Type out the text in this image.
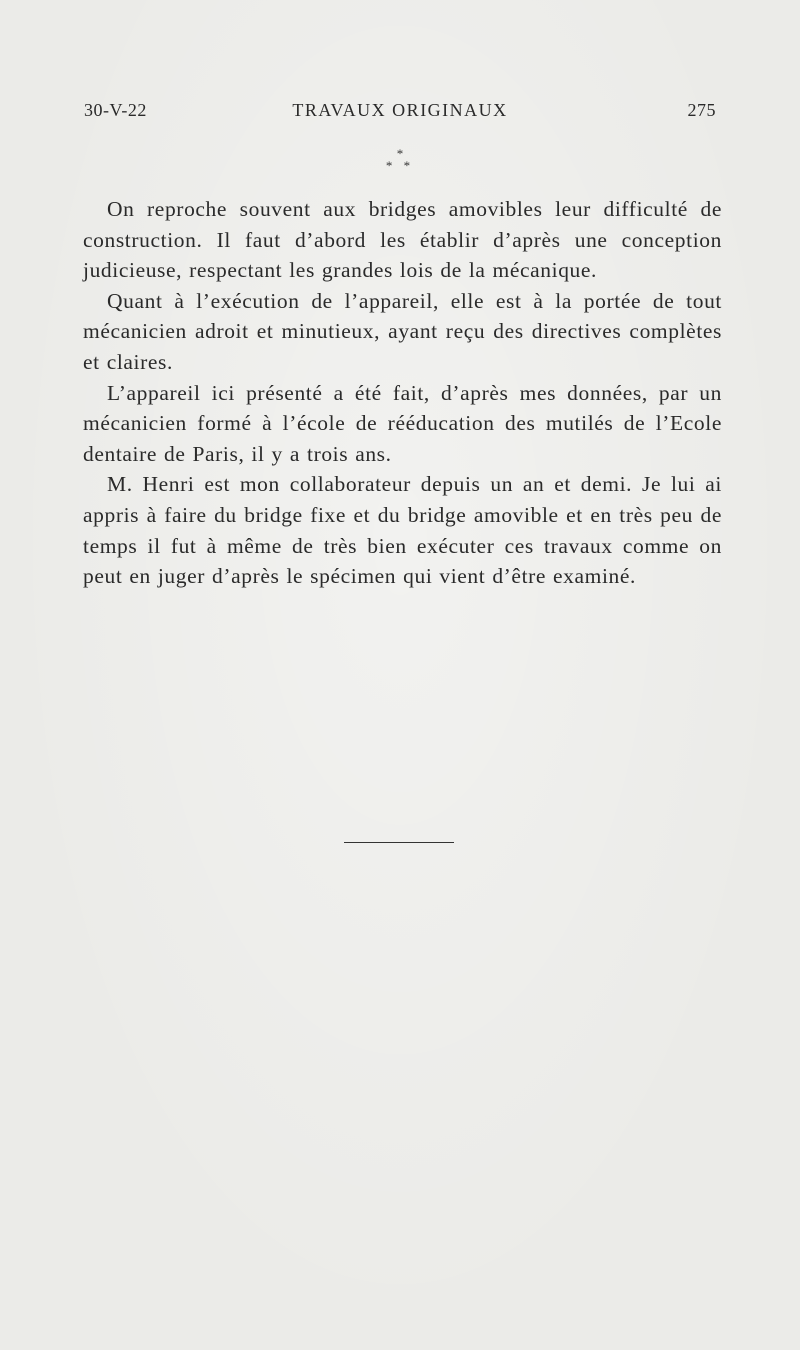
30-V-22	TRAVAUX ORIGINAUX	275
*
* *

On reproche souvent aux bridges amovibles leur difficulté de construction. Il faut d’abord les établir d’après une conception judicieuse, respectant les grandes lois de la mécanique.

Quant à l’exécution de l’appareil, elle est à la portée de tout mécanicien adroit et minutieux, ayant reçu des directives complètes et claires.

L’appareil ici présenté a été fait, d’après mes données, par un mécanicien formé à l’école de rééducation des mutilés de l’Ecole dentaire de Paris, il y a trois ans.

M. Henri est mon collaborateur depuis un an et demi. Je lui ai appris à faire du bridge fixe et du bridge amovible et en très peu de temps il fut à même de très bien exécuter ces travaux comme on peut en juger d’après le spécimen qui vient d’être examiné.
